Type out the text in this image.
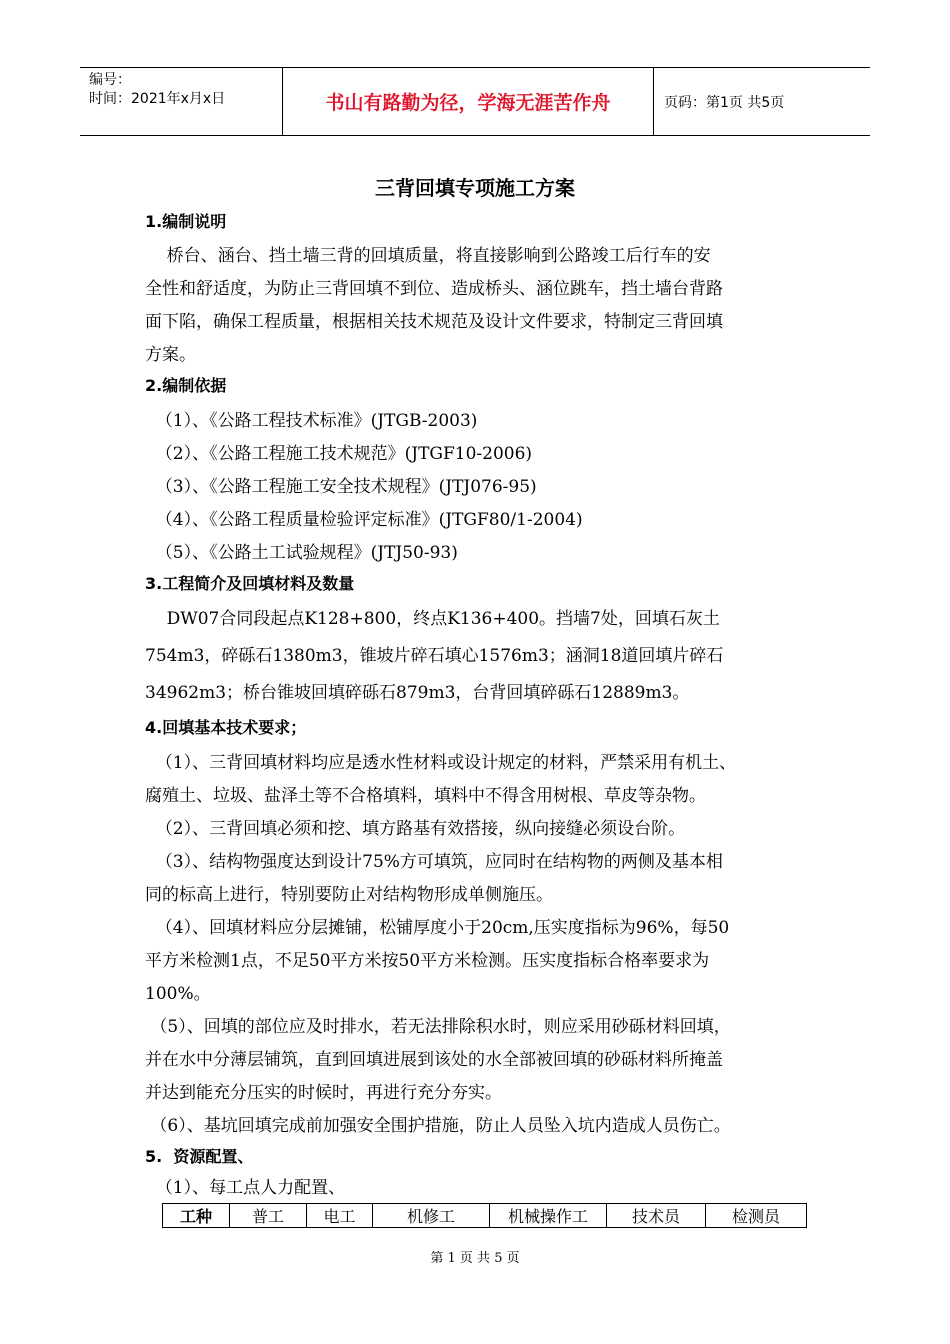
编号：
时间：2021年x月x日	书山有路勤为径，学海无涯苦作舟	页码：第1页 共5页
三背回填专项施工方案
1.编制说明
桥台、涵台、挡土墙三背的回填质量，将直接影响到公路竣工后行车的安
全性和舒适度，为防止三背回填不到位、造成桥头、涵位跳车，挡土墙台背路
面下陷，确保工程质量，根据相关技术规范及设计文件要求，特制定三背回填
方案。
2.编制依据
（1）、《公路工程技术标准》(JTGB-2003)
（2）、《公路工程施工技术规范》(JTGF10-2006)
（3）、《公路工程施工安全技术规程》(JTJ076-95)
（4）、《公路工程质量检验评定标准》(JTGF80/1-2004)
（5）、《公路土工试验规程》(JTJ50-93)
3.工程简介及回填材料及数量
DW07合同段起点K128+800，终点K136+400。挡墙7处，回填石灰土
754m3，碎砾石1380m3，锥坡片碎石填心1576m3；涵洞18道回填片碎石
34962m3；桥台锥坡回填碎砾石879m3，台背回填碎砾石12889m3。
4.回填基本技术要求；
（1）、三背回填材料均应是透水性材料或设计规定的材料，严禁采用有机土、
腐殖土、垃圾、盐泽土等不合格填料，填料中不得含用树根、草皮等杂物。
（2）、三背回填必须和挖、填方路基有效搭接，纵向接缝必须设台阶。
（3）、结构物强度达到设计75%方可填筑，应同时在结构物的两侧及基本相
同的标高上进行，特别要防止对结构物形成单侧施压。
（4）、回填材料应分层摊铺，松铺厚度小于20cm,压实度指标为96%，每50
平方米检测1点，不足50平方米按50平方米检测。压实度指标合格率要求为
100%。
（5）、回填的部位应及时排水，若无法排除积水时，则应采用砂砾材料回填，
并在水中分薄层铺筑，直到回填进展到该处的水全部被回填的砂砾材料所掩盖
并达到能充分压实的时候时，再进行充分夯实。
（6）、基坑回填完成前加强安全围护措施，防止人员坠入坑内造成人员伤亡。
5.  资源配置、
（1）、每工点人力配置、
工种	普工	电工	机修工	机械操作工	技术员	检测员
第 1 页 共 5 页
